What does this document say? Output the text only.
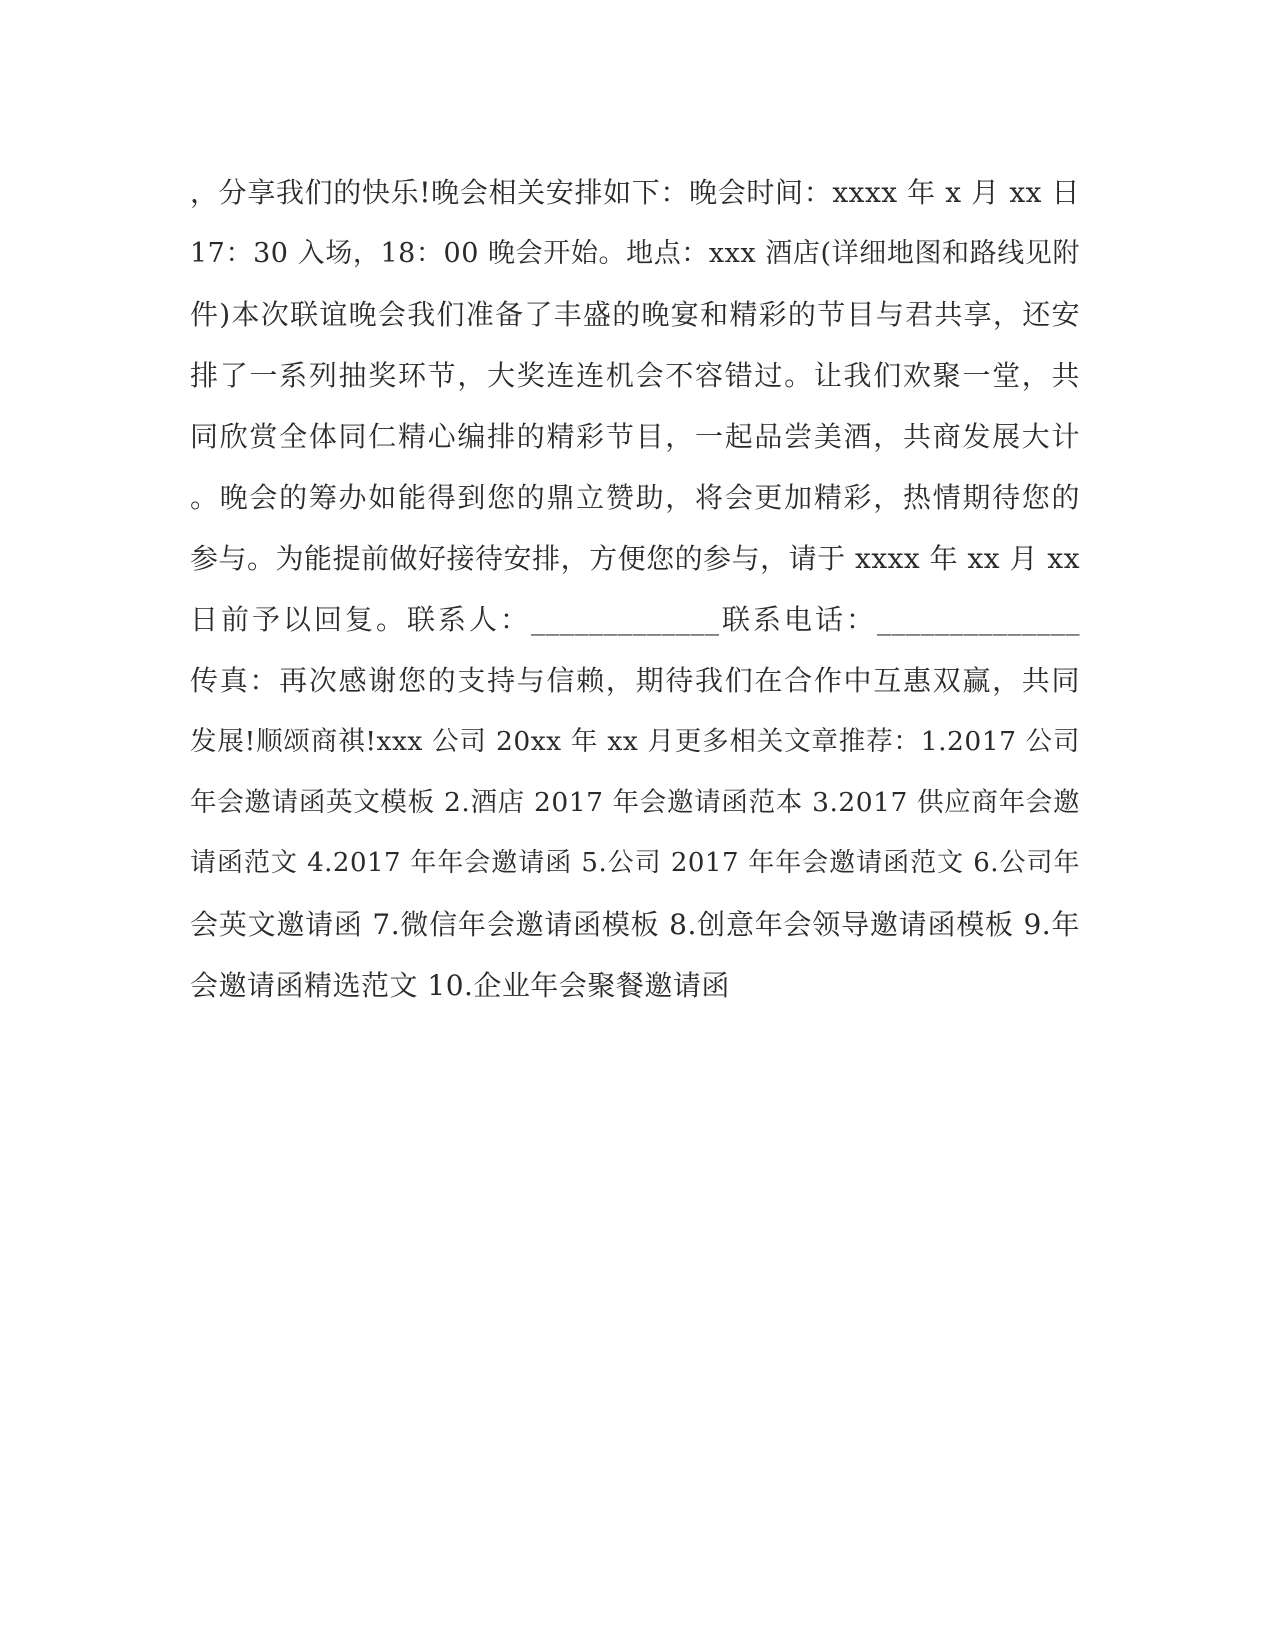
，分享我们的快乐!晚会相关安排如下：晚会时间：xxxx 年 x 月 xx 日
17：30 入场，18：00 晚会开始。地点：xxx 酒店(详细地图和路线见附
件)本次联谊晚会我们准备了丰盛的晚宴和精彩的节目与君共享，还安
排了一系列抽奖环节，大奖连连机会不容错过。让我们欢聚一堂，共
同欣赏全体同仁精心编排的精彩节目，一起品尝美酒，共商发展大计
。晚会的筹办如能得到您的鼎立赞助，将会更加精彩，热情期待您的
参与。为能提前做好接待安排，方便您的参与，请于 xxxx 年 xx 月 xx
日前予以回复。联系人：_____________联系电话：______________
传真：再次感谢您的支持与信赖，期待我们在合作中互惠双赢，共同
发展!顺颂商祺!xxx 公司 20xx 年 xx 月更多相关文章推荐：1.2017 公司
年会邀请函英文模板 2.酒店 2017 年会邀请函范本 3.2017 供应商年会邀
请函范文 4.2017 年年会邀请函 5.公司 2017 年年会邀请函范文 6.公司年
会英文邀请函 7.微信年会邀请函模板 8.创意年会领导邀请函模板 9.年
会邀请函精选范文 10.企业年会聚餐邀请函
